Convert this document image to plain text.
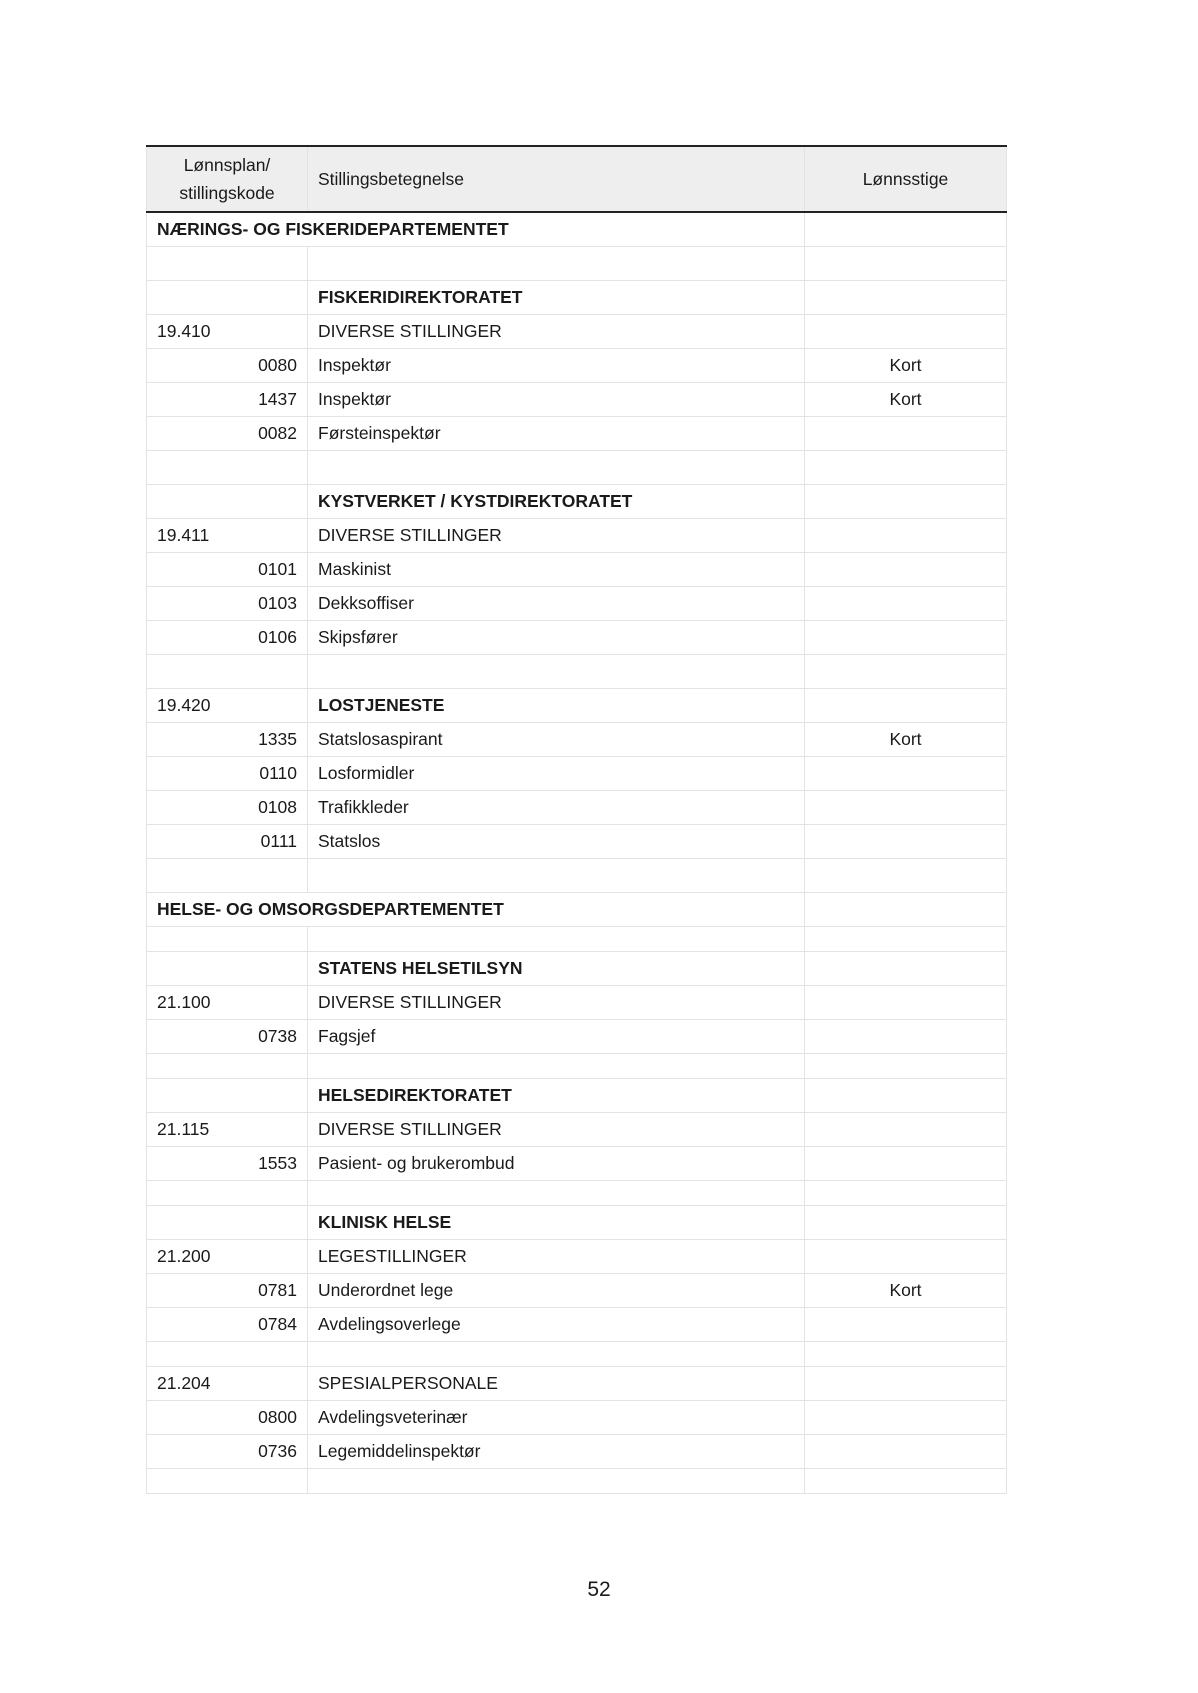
Lønnsplan/
stillingskode	Stillingsbetegnelse	Lønnsstige
NÆRINGS- OG FISKERIDEPARTEMENTET		

	FISKERIDIREKTORATET	
19.410	DIVERSE STILLINGER	
0080	Inspektør	Kort
1437	Inspektør	Kort
0082	Førsteinspektør	

	KYSTVERKET / KYSTDIREKTORATET	
19.411	DIVERSE STILLINGER	
0101	Maskinist	
0103	Dekksoffiser	
0106	Skipsfører	

19.420	LOSTJENESTE	
1335	Statslosaspirant	Kort
0110	Losformidler	
0108	Trafikkleder	
0111	Statslos	

HELSE- OG OMSORGSDEPARTEMENTET		

	STATENS HELSETILSYN	
21.100	DIVERSE STILLINGER	
0738	Fagsjef	

	HELSEDIREKTORATET	
21.115	DIVERSE STILLINGER	
1553	Pasient- og brukerombud	

	KLINISK HELSE	
21.200	LEGESTILLINGER	
0781	Underordnet lege	Kort
0784	Avdelingsoverlege	

21.204	SPESIALPERSONALE	
0800	Avdelingsveterinær	
0736	Legemiddelinspektør	

52
